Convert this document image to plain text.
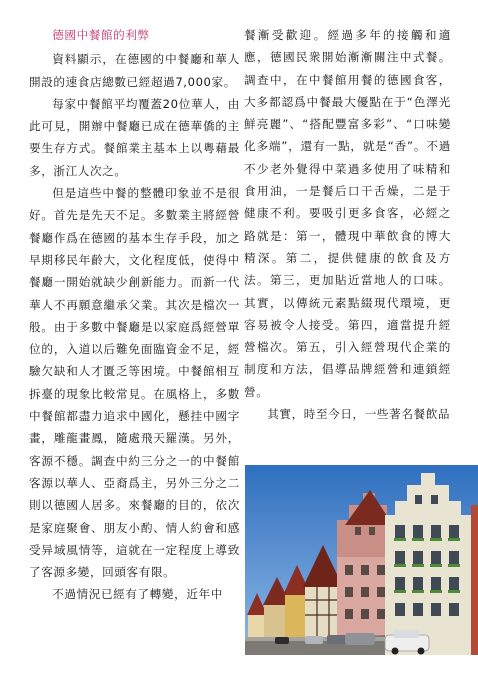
德國中餐館的利弊

資料顯示，在德國的中餐廳和華人開設的速食店總數已經超過7,000家。

每家中餐館平均覆蓋20位華人，由此可見，開辦中餐廳已成在德華僑的主要生存方式。餐館業主基本上以粵藉最多，浙江人次之。

但是這些中餐的整體印象並不是很好。首先是先天不足。多數業主將經營餐廳作爲在德國的基本生存手段，加之早期移民年齡大，文化程度低，使得中餐廳一開始就缺少創新能力。而新一代華人不再願意繼承父業。其次是檔次一般。由于多數中餐廳是以家庭爲經營單位的，入道以后難免面臨資金不足，經驗欠缺和人才匱乏等困境。中餐館相互拆臺的現象比較常見。在風格上，多數中餐館都盡力追求中國化，懸挂中國字畫，雕龍畫鳳，隨處飛天羅漢。另外，客源不穩。調查中約三分之一的中餐館客源以華人、亞裔爲主，另外三分之二則以德國人居多。來餐廳的目的，依次是家庭聚會、朋友小酌、情人約會和感受异域風情等，這就在一定程度上導致了客源多變，回頭客有限。

不過情況已經有了轉變，近年中

餐漸受歡迎。經過多年的接觸和適應，德國民衆開始漸漸關注中式餐。調查中，在中餐館用餐的德國食客，大多都認爲中餐最大優點在于“色澤光鮮亮麗”、“搭配豐富多彩”、“口味變化多端”，還有一點，就是“香”。不過不少老外覺得中菜過多使用了味精和食用油，一是餐后口干舌燥，二是于健康不利。要吸引更多食客，必經之路就是：第一，體現中華飲食的博大精深。第二，提供健康的飲食及方法。第三，更加貼近當地人的口味。其實，以傳統元素點綴現代環境，更容易被令人接受。第四，適當提升經營檔次。第五，引入經營現代企業的制度和方法，倡導品牌經營和連鎖經營。

其實，時至今日，一些著名餐飲品
